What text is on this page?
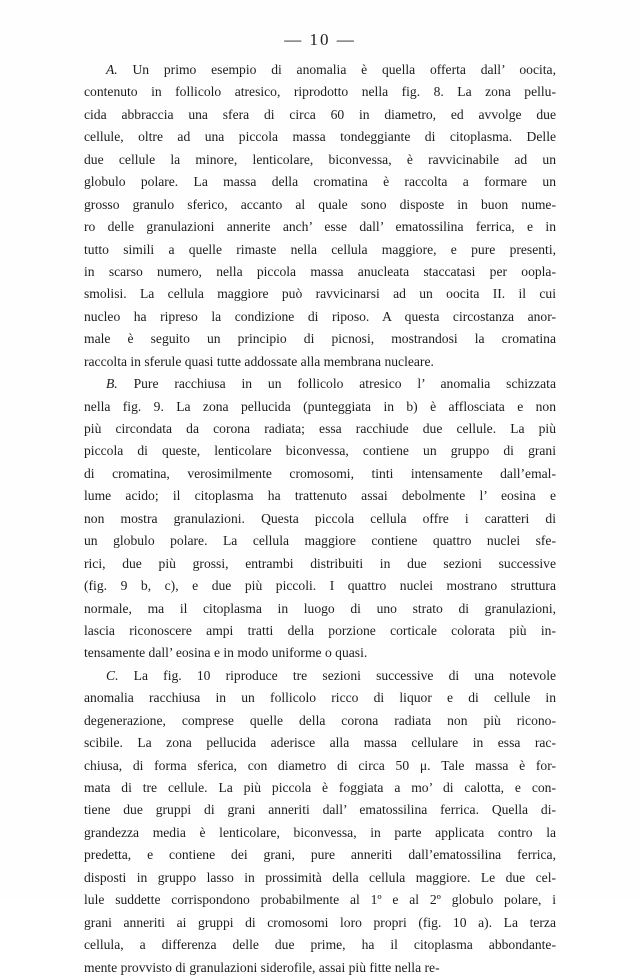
— 10 —
A. Un primo esempio di anomalia è quella offerta dall’ oocita,
contenuto in follicolo atresico, riprodotto nella fig. 8. La zona pellu-
cida abbraccia una sfera di circa 60 in diametro, ed avvolge due
cellule, oltre ad una piccola massa tondeggiante di citoplasma. Delle
due cellule la minore, lenticolare, biconvessa, è ravvicinabile ad un
globulo polare. La massa della cromatina è raccolta a formare un
grosso granulo sferico, accanto al quale sono disposte in buon nume-
ro delle granulazioni annerite anch’ esse dall’ ematossilina ferrica, e in
tutto simili a quelle rimaste nella cellula maggiore, e pure presenti,
in scarso numero, nella piccola massa anucleata staccatasi per oopla-
smolisi. La cellula maggiore può ravvicinarsi ad un oocita II. il cui
nucleo ha ripreso la condizione di riposo. A questa circostanza anor-
male è seguito un principio di picnosi, mostrandosi la cromatina
raccolta in sferule quasi tutte addossate alla membrana nucleare.
B. Pure racchiusa in un follicolo atresico l’ anomalia schizzata
nella fig. 9. La zona pellucida (punteggiata in b) è afflosciata e non
più circondata da corona radiata; essa racchiude due cellule. La più
piccola di queste, lenticolare biconvessa, contiene un gruppo di grani
di cromatina, verosimilmente cromosomi, tinti intensamente dall’emal-
lume acido; il citoplasma ha trattenuto assai debolmente l’ eosina e
non mostra granulazioni. Questa piccola cellula offre i caratteri di
un globulo polare. La cellula maggiore contiene quattro nuclei sfe-
rici, due più grossi, entrambi distribuiti in due sezioni successive
(fig. 9 b, c), e due più piccoli. I quattro nuclei mostrano struttura
normale, ma il citoplasma in luogo di uno strato di granulazioni,
lascia riconoscere ampi tratti della porzione corticale colorata più in-
tensamente dall’ eosina e in modo uniforme o quasi.
C. La fig. 10 riproduce tre sezioni successive di una notevole
anomalia racchiusa in un follicolo ricco di liquor e di cellule in
degenerazione, comprese quelle della corona radiata non più ricono-
scibile. La zona pellucida aderisce alla massa cellulare in essa rac-
chiusa, di forma sferica, con diametro di circa 50 μ. Tale massa è for-
mata di tre cellule. La più piccola è foggiata a mo’ di calotta, e con-
tiene due gruppi di grani anneriti dall’ ematossilina ferrica. Quella di-
grandezza media è lenticolare, biconvessa, in parte applicata contro la
predetta, e contiene dei grani, pure anneriti dall’ematossilina ferrica,
disposti in gruppo lasso in prossimità della cellula maggiore. Le due cel-
lule suddette corrispondono probabilmente al 1º e al 2º globulo polare, i
grani anneriti ai gruppi di cromosomi loro propri (fig. 10 a). La terza
cellula, a differenza delle due prime, ha il citoplasma abbondante-
mente provvisto di granulazioni siderofile, assai più fitte nella re-
